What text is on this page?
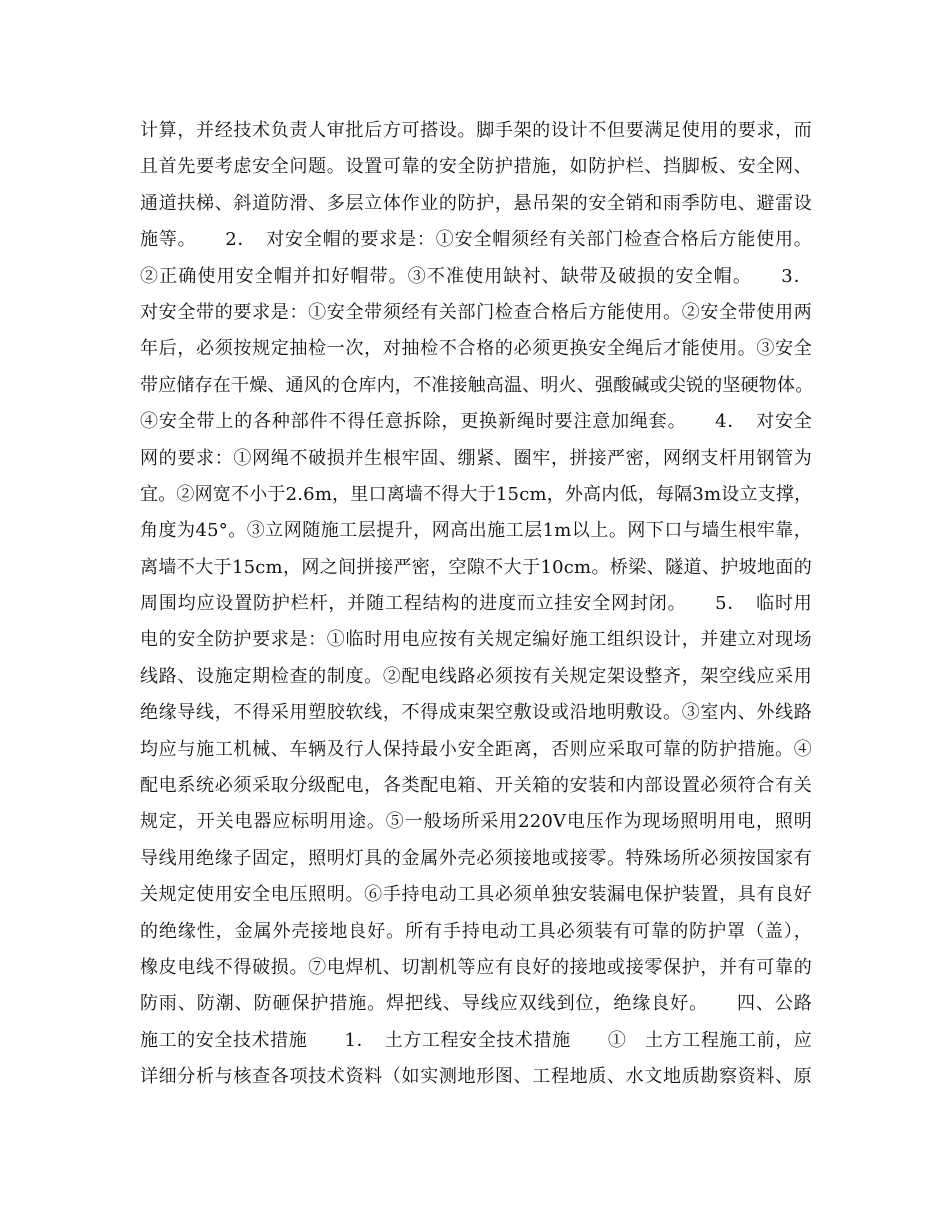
计算，并经技术负责人审批后方可搭设。脚手架的设计不但要满足使用的要求，而
且首先要考虑安全问题。设置可靠的安全防护措施，如防护栏、挡脚板、安全网、
通道扶梯、斜道防滑、多层立体作业的防护，悬吊架的安全销和雨季防电、避雷设
施等。　　2．　对安全帽的要求是：①安全帽须经有关部门检查合格后方能使用。
②正确使用安全帽并扣好帽带。③不准使用缺衬、缺带及破损的安全帽。　　3．
对安全带的要求是：①安全带须经有关部门检查合格后方能使用。②安全带使用两
年后，必须按规定抽检一次，对抽检不合格的必须更换安全绳后才能使用。③安全
带应储存在干燥、通风的仓库内，不准接触高温、明火、强酸碱或尖锐的坚硬物体。
④安全带上的各种部件不得任意拆除，更换新绳时要注意加绳套。　　4．　对安全
网的要求：①网绳不破损并生根牢固、绷紧、圈牢，拼接严密，网纲支杆用钢管为
宜。②网宽不小于2.6m，里口离墙不得大于15cm，外高内低，每隔3m设立支撑，
角度为45°。③立网随施工层提升，网高出施工层1m以上。网下口与墙生根牢靠，
离墙不大于15cm，网之间拼接严密，空隙不大于10cm。桥梁、隧道、护坡地面的
周围均应设置防护栏杆，并随工程结构的进度而立挂安全网封闭。　　5．　临时用
电的安全防护要求是：①临时用电应按有关规定编好施工组织设计，并建立对现场
线路、设施定期检查的制度。②配电线路必须按有关规定架设整齐，架空线应采用
绝缘导线，不得采用塑胶软线，不得成束架空敷设或沿地明敷设。③室内、外线路
均应与施工机械、车辆及行人保持最小安全距离，否则应采取可靠的防护措施。④
配电系统必须采取分级配电，各类配电箱、开关箱的安装和内部设置必须符合有关
规定，开关电器应标明用途。⑤一般场所采用220V电压作为现场照明用电，照明
导线用绝缘子固定，照明灯具的金属外壳必须接地或接零。特殊场所必须按国家有
关规定使用安全电压照明。⑥手持电动工具必须单独安装漏电保护装置，具有良好
的绝缘性，金属外壳接地良好。所有手持电动工具必须装有可靠的防护罩（盖），
橡皮电线不得破损。⑦电焊机、切割机等应有良好的接地或接零保护，并有可靠的
防雨、防潮、防砸保护措施。焊把线、导线应双线到位，绝缘良好。　　四、公路
施工的安全技术措施　　1．　土方工程安全技术措施　　①　土方工程施工前，应
详细分析与核查各项技术资料（如实测地形图、工程地质、水文地质勘察资料、原
